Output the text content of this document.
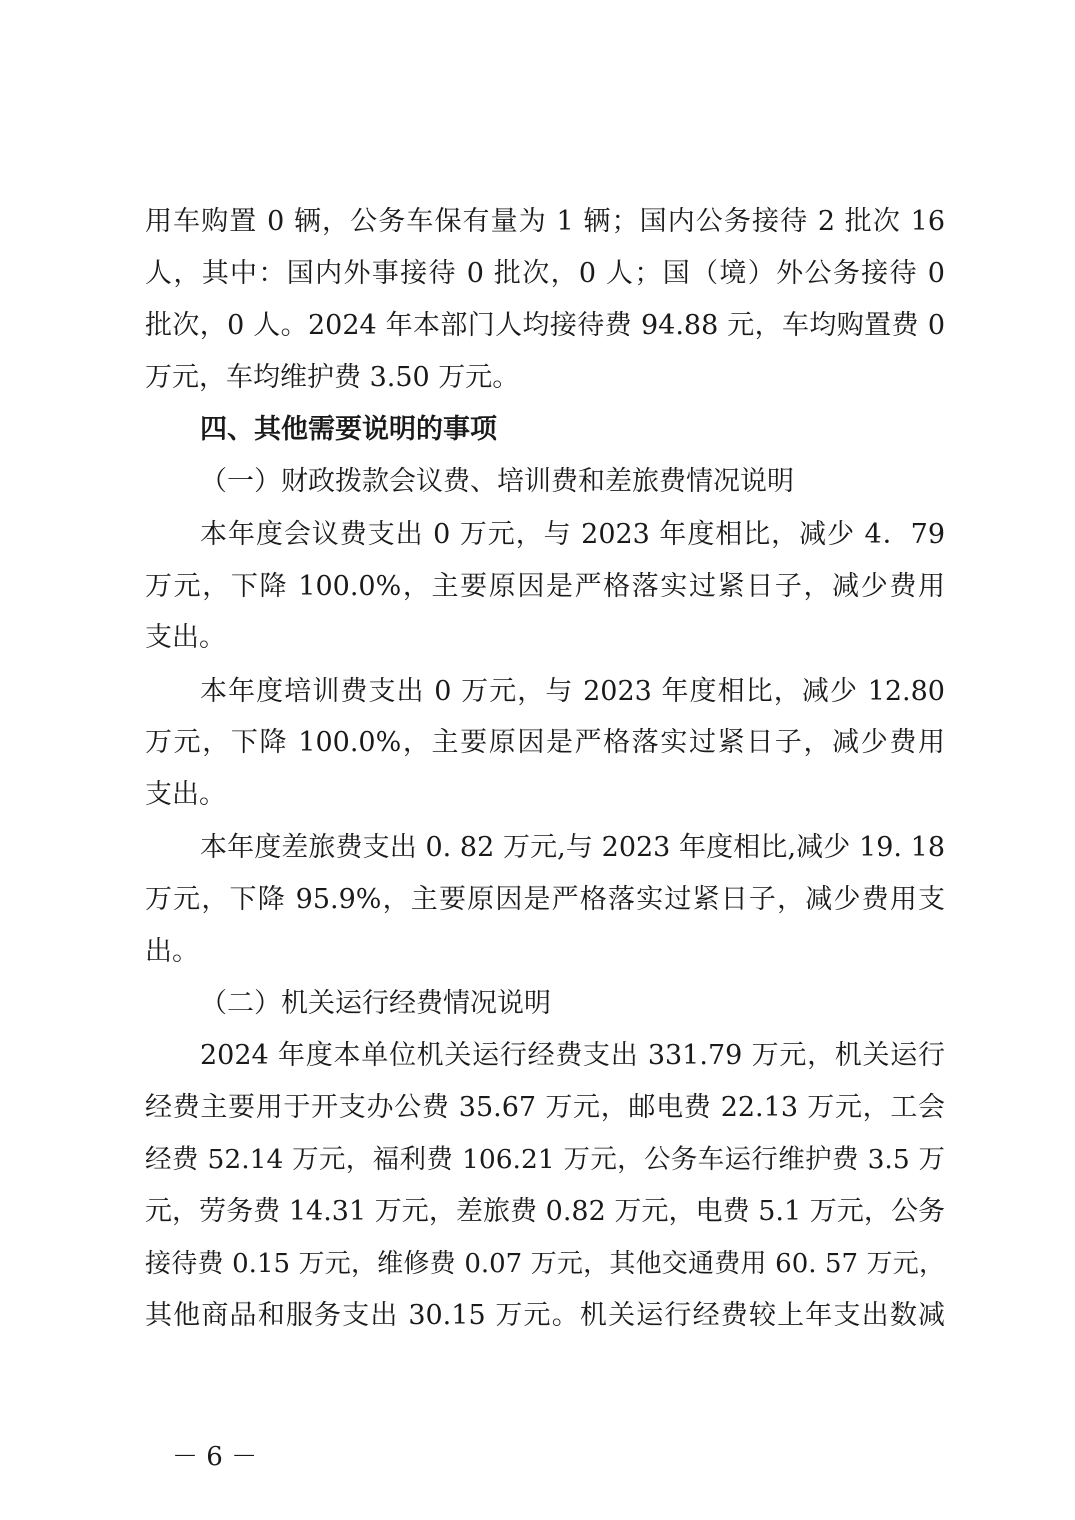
用车购置 0 辆，公务车保有量为 1 辆；国内公务接待 2 批次 16
人，其中：国内外事接待 0 批次，0 人；国（境）外公务接待 0
批次，0 人。2024 年本部门人均接待费 94.88 元，车均购置费 0
万元，车均维护费 3.50 万元。
四、其他需要说明的事项
（一）财政拨款会议费、培训费和差旅费情况说明
本年度会议费支出 0 万元，与 2023 年度相比，减少 4．79
万元，下降 100.0%，主要原因是严格落实过紧日子，减少费用
支出。
本年度培训费支出 0 万元，与 2023 年度相比，减少 12.80
万元，下降 100.0%，主要原因是严格落实过紧日子，减少费用
支出。
本年度差旅费支出 0. 82 万元,与 2023 年度相比,减少 19. 18
万元，下降 95.9%，主要原因是严格落实过紧日子，减少费用支
出。
（二）机关运行经费情况说明
2024 年度本单位机关运行经费支出 331.79 万元，机关运行
经费主要用于开支办公费 35.67 万元，邮电费 22.13 万元，工会
经费 52.14 万元，福利费 106.21 万元，公务车运行维护费 3.5 万
元，劳务费 14.31 万元，差旅费 0.82 万元，电费 5.1 万元，公务
接待费 0.15 万元，维修费 0.07 万元，其他交通费用 60. 57 万元，
其他商品和服务支出 30.15 万元。机关运行经费较上年支出数减
－ 6 －
